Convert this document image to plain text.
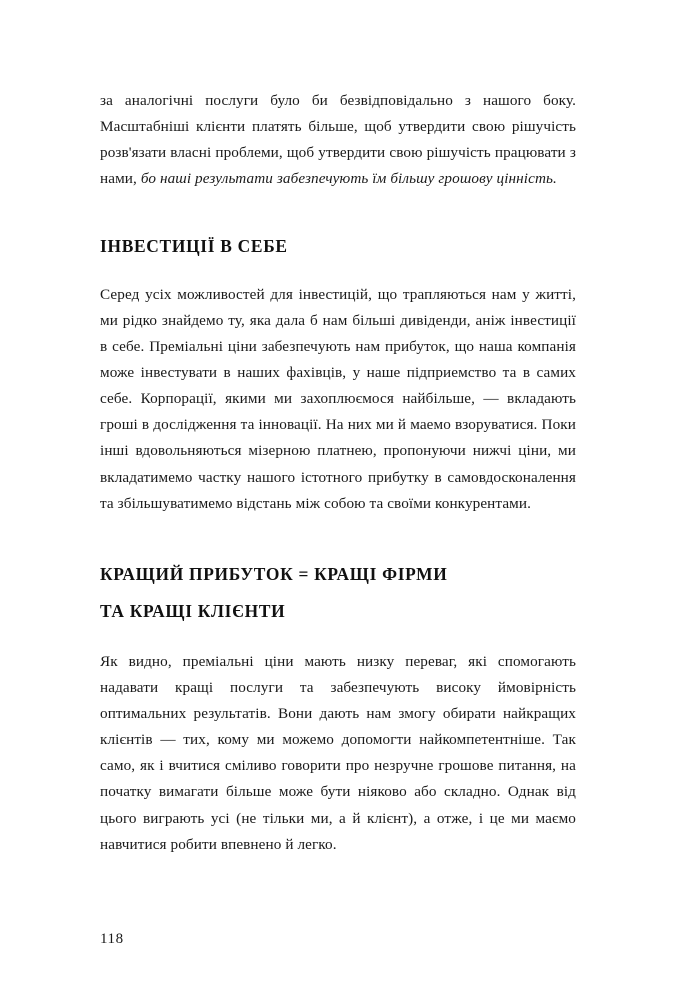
за аналогічні послуги було би безвідповідально з нашого боку. Масштабніші клієнти платять більше, щоб утвердити свою рішучість розв'язати власні проблеми, щоб утвердити свою рішучість працювати з нами, бо наші результати забезпечують їм більшу грошову цінність.

ІНВЕСТИЦІЇ В СЕБЕ

Серед усіх можливостей для інвестицій, що трапляються нам у житті, ми рідко знайдемо ту, яка дала б нам більші дивіденди, аніж інвестиції в себе. Преміальні ціни забезпечують нам прибуток, що наша компанія може інвестувати в наших фахівців, у наше підприемство та в самих себе. Корпорації, якими ми захоплюємося найбільше, — вкладають гроші в дослідження та інновації. На них ми й маемо взоруватися. Поки інші вдовольняються мізерною платнею, пропонуючи нижчі ціни, ми вкладатимемо частку нашого істотного прибутку в самовдосконалення та збільшуватимемо відстань між собою та своїми конкурентами.

КРАЩИЙ ПРИБУТОК = КРАЩІ ФІРМИ
ТА КРАЩІ КЛІЄНТИ

Як видно, преміальні ціни мають низку переваг, які спомогають надавати кращі послуги та забезпечують високу ймовірність оптимальних результатів. Вони дають нам змогу обирати найкращих клієнтів — тих, кому ми можемо допомогти найкомпетентнішe. Так само, як і вчитися сміливо говорити про незручне грошове питання, на початку вимагати більше може бути ніяково або складно. Однак від цього виграють усі (не тільки ми, а й клієнт), а отже, і це ми маємо навчитися робити впевнено й легко.

118
